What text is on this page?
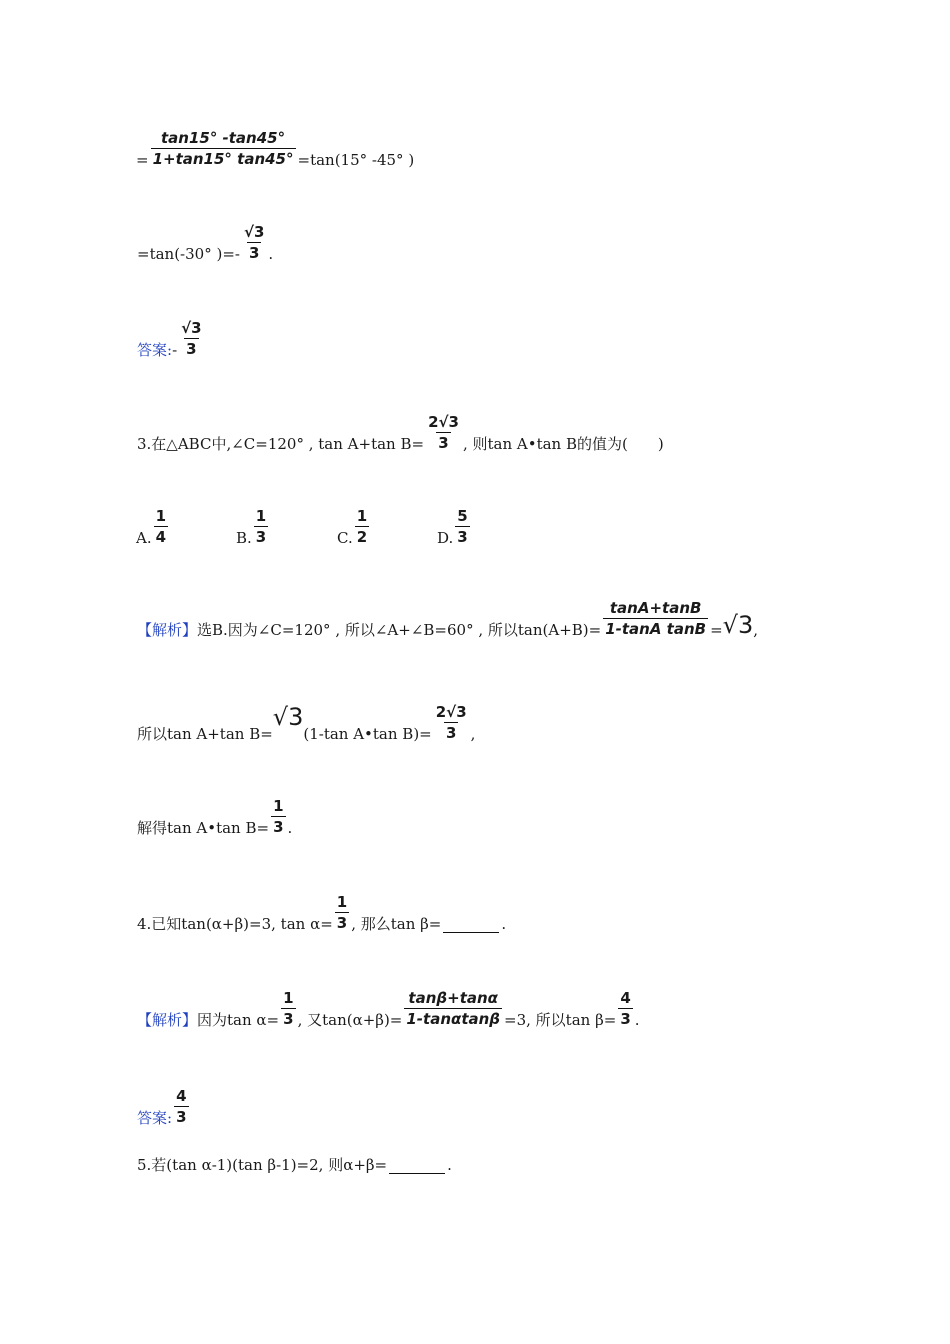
= $\frac{\tan 15^\circ -\tan 45^\circ}{1+\tan 15^\circ \tan 45^\circ} =\tan(15^\circ$ -45° )
=tan(-30° )=- $\frac{√3}{3}$ .
答案: - $\frac{√3}{3}$
3.在△ABC中,∠C=120° , tan A+tan $B= \frac{2√3}{3}$ , 则tan A•tan B的值为(　　)
A. $\frac{1}{4}$	B. $\frac{1}{3}$	C. $\frac{1}{2}$	D. $\frac{5}{3}$
【解析】 选B.因为∠C=120° , 所以∠A+∠B=60° , 所以$\tan(A+B)= \frac{\tan A+\tan B}{\text{1-tanA tanB}} = √3$ ,
所以tan A+tan B=
√3
(1-tan A•tan $B)= \frac{2√3}{3}$ ,
解得tan A•tan $B= \frac{1}{3}$ .
4.已知tan(α+β)=3, $\tan \alpha= \frac{1}{3}$ , 那么tan β=	.
【解析】 因为$\tan \alpha= \frac{1}{3}$ , 又$\tan(\alpha+\beta)= \frac{\tan\beta+\tan\alpha}{1-\tan\alpha\tan\beta} =3$, 所以$\tan \beta= \frac{4}{3}$ .
答案: $\frac{4}{3}$
5.若(tan α-1)(tan β-1)=2, 则α+β=	.
